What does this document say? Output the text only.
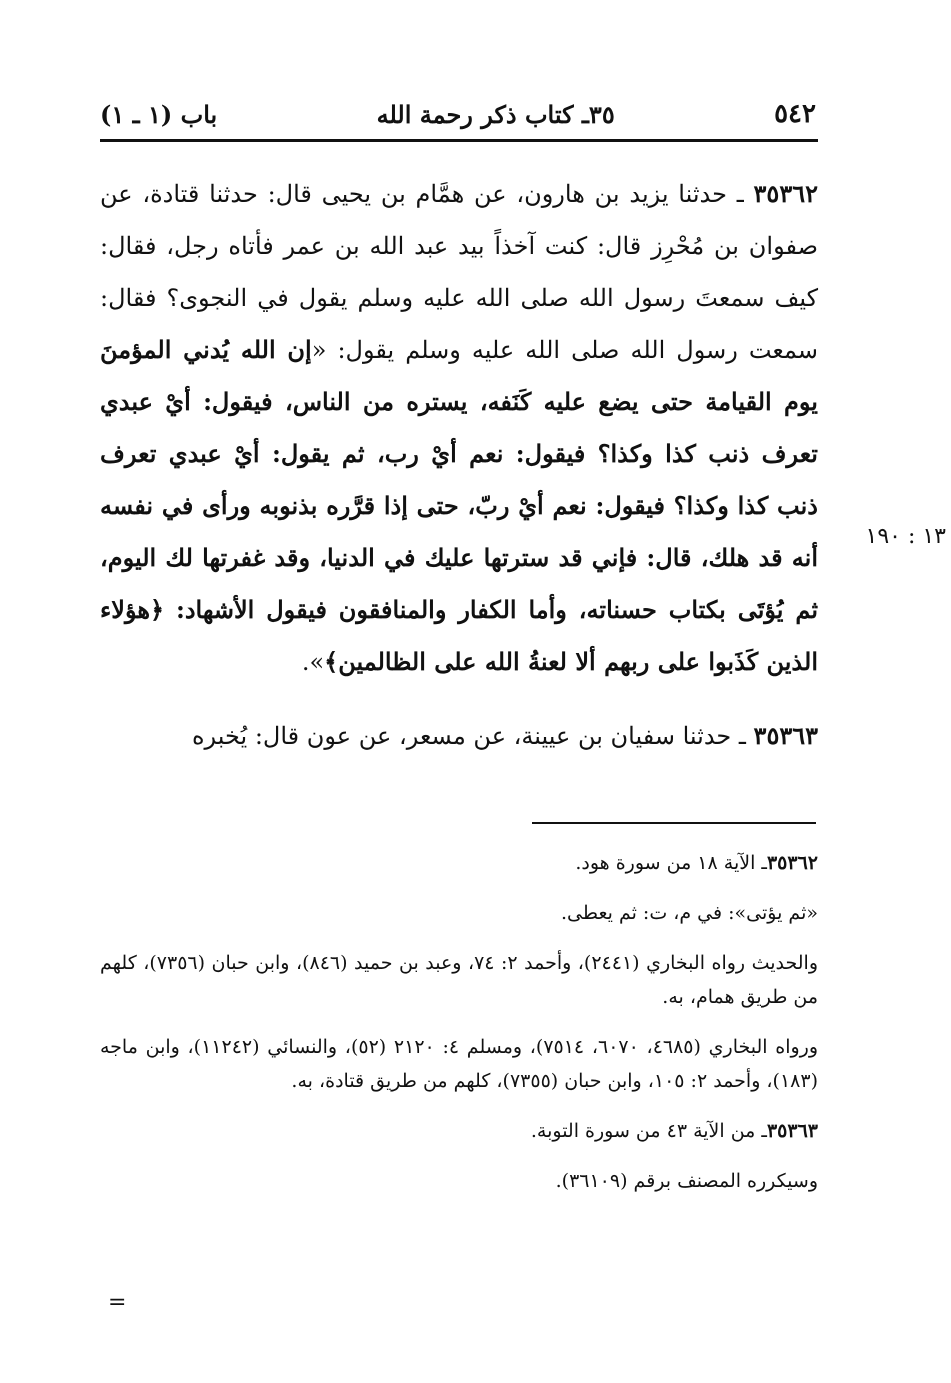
٥٤٢
٣٥ـ كتاب ذكر رحمة الله
باب (١ ـ ١)
١٣ : ١٩٠

٣٥٣٦٢ ـ حدثنا يزيد بن هارون، عن همَّام بن يحيى قال: حدثنا قتادة، عن صفوان بن مُحْرِز قال: كنت آخذاً بيد عبد الله بن عمر فأتاه رجل، فقال: كيف سمعتَ رسول الله صلى الله عليه وسلم يقول في النجوى؟ فقال: سمعت رسول الله صلى الله عليه وسلم يقول: «إن الله يُدني المؤمنَ يوم القيامة حتى يضع عليه كَنَفه، يستره من الناس، فيقول: أيْ عبدي تعرف ذنب كذا وكذا؟ فيقول: نعم أيْ رب، ثم يقول: أيْ عبدي تعرف ذنب كذا وكذا؟ فيقول: نعم أيْ ربّ، حتى إذا قرَّره بذنوبه ورأى في نفسه أنه قد هلك، قال: فإني قد سترتها عليك في الدنيا، وقد غفرتها لك اليوم، ثم يُؤتَى بكتاب حسناته، وأما الكفار والمنافقون فيقول الأشهاد: ﴿هؤلاء الذين كَذَبوا على ربهم ألا لعنةُ الله على الظالمين﴾».

٣٥٣٦٣ ـ حدثنا سفيان بن عيينة، عن مسعر، عن عون قال: يُخبره

٣٥٣٦٢ـ الآية ١٨ من سورة هود.

«ثم يؤتى»: في م، ت: ثم يعطى.

والحديث رواه البخاري (٢٤٤١)، وأحمد ٢: ٧٤، وعبد بن حميد (٨٤٦)، وابن حبان (٧٣٥٦)، كلهم من طريق همام، به.

ورواه البخاري (٤٦٨٥، ٦٠٧٠، ٧٥١٤)، ومسلم ٤: ٢١٢٠ (٥٢)، والنسائي (١١٢٤٢)، وابن ماجه (١٨٣)، وأحمد ٢: ١٠٥، وابن حبان (٧٣٥٥)، كلهم من طريق قتادة، به.

٣٥٣٦٣ـ من الآية ٤٣ من سورة التوبة.

وسيكرره المصنف برقم (٣٦١٠٩).

=
